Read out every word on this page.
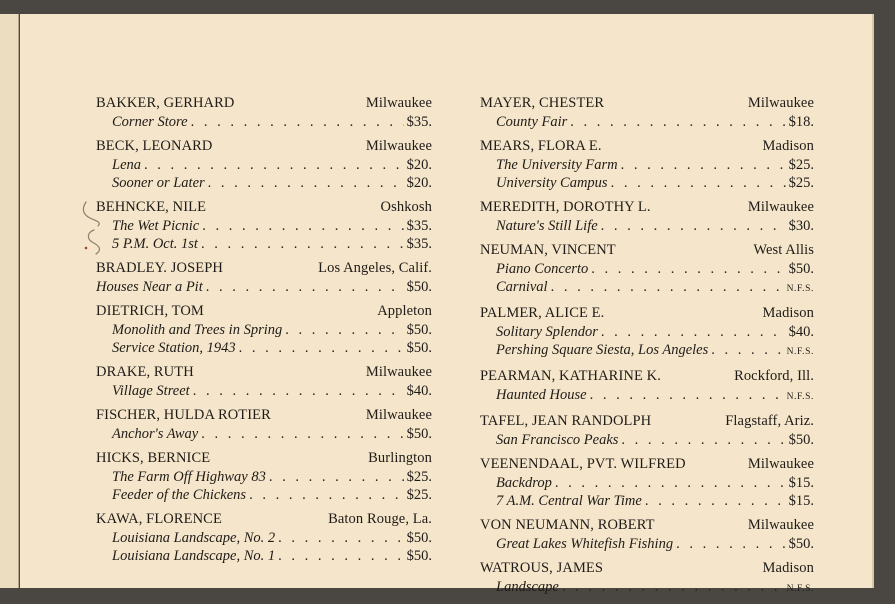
BAKKER, GERHARD	Milwaukee
Corner Store . . .	$35.
BECK, LEONARD	Milwaukee
Lena . . .	$20.
Sooner or Later . . .	$20.
BEHNCKE, NILE	Oshkosh
The Wet Picnic . . .	$35.
5 P.M. Oct. 1st . . .	$35.
BRADLEY. JOSEPH	Los Angeles, Calif.
Houses Near a Pit . . .	$50.
DIETRICH, TOM	Appleton
Monolith and Trees in Spring . . .	$50.
Service Station, 1943 . . .	$50.
DRAKE, RUTH	Milwaukee
Village Street . . .	$40.
FISCHER, HULDA ROTIER	Milwaukee
Anchor's Away . . .	$50.
HICKS, BERNICE	Burlington
The Farm Off Highway 83 . . .	$25.
Feeder of the Chickens . . .	$25.
KAWA, FLORENCE	Baton Rouge, La.
Louisiana Landscape, No. 2 . . .	$50.
Louisiana Landscape, No. 1 . . .	$50.
MAYER, CHESTER	Milwaukee
County Fair . . .	$18.
MEARS, FLORA E.	Madison
The University Farm . . .	$25.
University Campus . . .	$25.
MEREDITH, DOROTHY L.	Milwaukee
Nature's Still Life . . .	$30.
NEUMAN, VINCENT	West Allis
Piano Concerto . . .	$50.
Carnival . . .	N.F.S.
PALMER, ALICE E.	Madison
Solitary Splendor . . .	$40.
Pershing Square Siesta, Los Angeles . . .	N.F.S.
PEARMAN, KATHARINE K.	Rockford, Ill.
Haunted House . . .	N.F.S.
TAFEL, JEAN RANDOLPH	Flagstaff, Ariz.
San Francisco Peaks . . .	$50.
VEENENDAAL, PVT. WILFRED	Milwaukee
Backdrop . . .	$15.
7 A.M. Central War Time . . .	$15.
VON NEUMANN, ROBERT	Milwaukee
Great Lakes Whitefish Fishing . . .	$50.
WATROUS, JAMES	Madison
Landscape . . .	N.F.S.
